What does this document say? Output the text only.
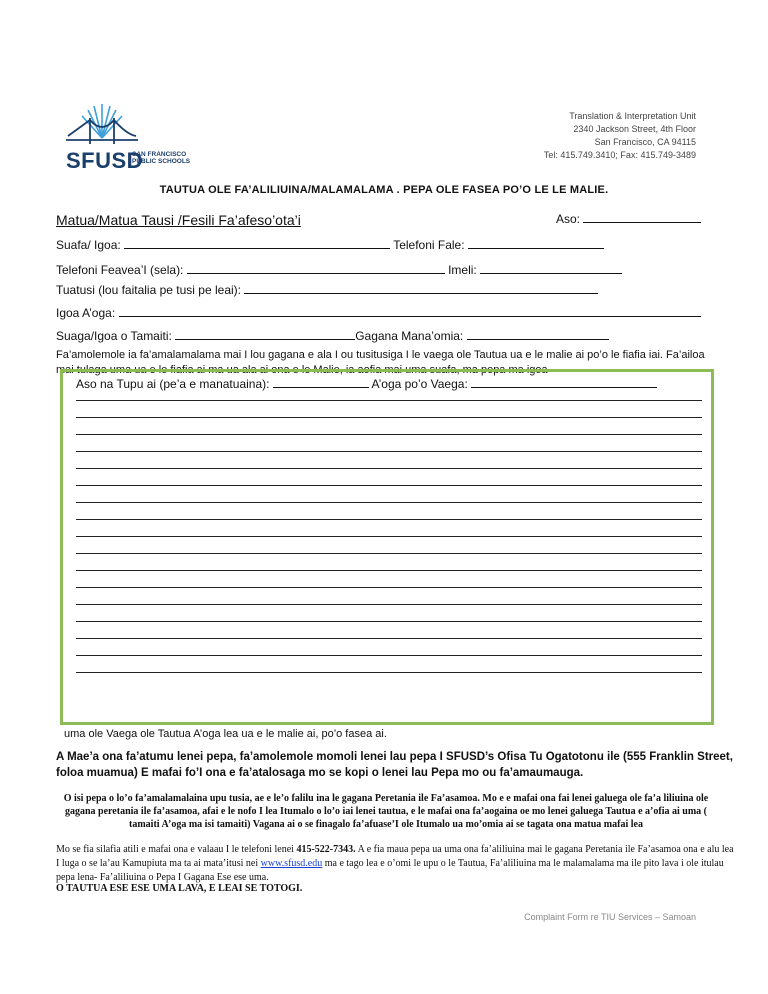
SFUSD
SAN FRANCISCO PUBLIC SCHOOLS
Translation & Interpretation Unit
2340 Jackson Street, 4th Floor
San Francisco, CA 94115
Tel: 415.749.3410; Fax: 415.749-3489
TAUTUA OLE FA’ALILIUINA/MALAMALAMA . PEPA OLE FASEA PO’O LE LE MALIE.
Matua/Matua Tausi /Fesili Fa’afeso’ota’i	Aso:
Suafa/ Igoa:	Telefoni Fale:
Telefoni Feavea’I (sela):	Imeli:
Tuatusi (lou faitalia pe tusi pe leai):
Igoa A’oga:
Suaga/Igoa o Tamaiti:	Gagana Mana’omia:
Fa’amolemole ia fa’amalamalama mai I lou gagana e ala I ou tusitusiga I le vaega ole Tautua ua e le malie ai po’o le fiafia iai. Fa’ailoa mai tulaga uma ua e le fiafia ai ma ua ala ai ona e le Malie, ia aofia mai uma suafa, ma pepa ma igoa
Aso na Tupu ai (pe’a e manatuaina):	A’oga po’o Vaega:
uma ole Vaega ole Tautua A’oga lea ua e le malie ai, po’o fasea ai.
A Mae’a ona fa’atumu lenei pepa, fa’amolemole momoli lenei lau pepa I SFUSD’s Ofisa Tu Ogatotonu ile (555 Franklin Street, foloa muamua) E mafai fo’I ona e fa’atalosaga mo se kopi o lenei lau Pepa mo ou fa’amaumauga.
O isi pepa o lo’o fa’amalamalaina upu tusia, ae e le’o falilu ina le gagana Peretania ile Fa’asamoa. Mo e e mafai ona fai lenei galuega ole fa’a liliuina ole gagana peretania ile fa’asamoa, afai e le nofo I lea Itumalo o lo’o iai lenei tautua, e le mafai ona fa’aogaina oe mo lenei galuega Tautua e a’ofia ai uma ( tamaiti A’oga ma isi tamaiti) Vagana ai o se finagalo fa’afuase’I ole Itumalo ua mo’omia ai se tagata ona matua mafai lea
Mo se fia silafia atili e mafai ona e valaau I le telefoni lenei 415-522-7343. A e fia maua pepa ua uma ona fa’aliliuina mai le gagana Peretania ile Fa’asamoa ona e alu lea I luga o se la’au Kamupiuta ma ta ai mata’itusi nei www.sfusd.edu ma e tago lea e o’omi le upu o le Tautua, Fa’aliliuina ma le malamalama ma ile pito lava i ole itulau pepa lena- Fa’aliliuina o Pepa I Gagana Ese ese uma.
O TAUTUA ESE ESE UMA LAVA, E LEAI SE TOTOGI.
Complaint Form re TIU Services – Samoan
